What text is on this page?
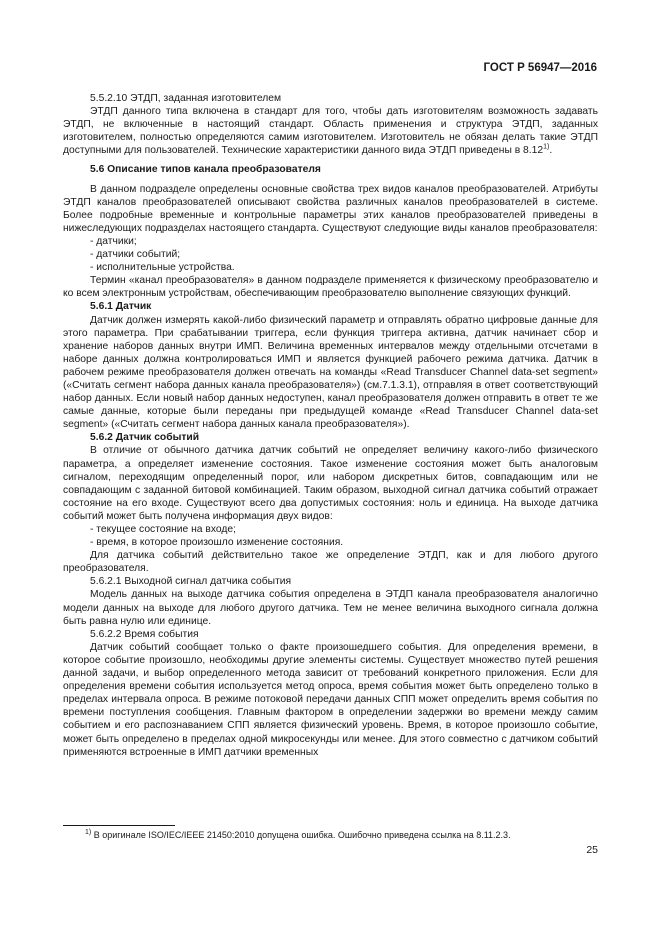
ГОСТ Р 56947—2016

5.5.2.10 ЭТДП, заданная изготовителем

ЭТДП данного типа включена в стандарт для того, чтобы дать изготовителям возможность задавать ЭТДП, не включенные в настоящий стандарт. Область применения и структура ЭТДП, заданных изготовителем, полностью определяются самим изготовителем. Изготовитель не обязан делать такие ЭТДП доступными для пользователей. Технические характеристики данного вида ЭТДП приведены в 8.12$^{1)}$.

5.6 Описание типов канала преобразователя

В данном подразделе определены основные свойства трех видов каналов преобразователей. Атрибуты ЭТДП каналов преобразователей описывают свойства различных каналов преобразователей в системе. Более подробные временные и контрольные параметры этих каналов преобразователей приведены в нижеследующих подразделах настоящего стандарта. Существуют следующие виды каналов преобразователя:

- датчики;

- датчики событий;

- исполнительные устройства.

Термин «канал преобразователя» в данном подразделе применяется к физическому преобразователю и ко всем электронным устройствам, обеспечивающим преобразователю выполнение связующих функций.

5.6.1 Датчик

Датчик должен измерять какой-либо физический параметр и отправлять обратно цифровые данные для этого параметра. При срабатывании триггера, если функция триггера активна, датчик начинает сбор и хранение наборов данных внутри ИМП. Величина временных интервалов между отдельными отсчетами в наборе данных должна контролироваться ИМП и является функцией рабочего режима датчика. Датчик в рабочем режиме преобразователя должен отвечать на команды «Read Transducer Channel data-set segment» («Считать сегмент набора данных канала преобразователя») (см.7.1.3.1), отправляя в ответ соответствующий набор данных. Если новый набор данных недоступен, канал преобразователя должен отправить в ответ те же самые данные, которые были переданы при предыдущей команде «Read Transducer Channel data-set segment» («Считать сегмент набора данных канала преобразователя»).

5.6.2 Датчик событий

В отличие от обычного датчика датчик событий не определяет величину какого-либо физического параметра, а определяет изменение состояния. Такое изменение состояния может быть аналоговым сигналом, переходящим определенный порог, или набором дискретных битов, совпадающим или не совпадающим с заданной битовой комбинацией. Таким образом, выходной сигнал датчика событий отражает состояние на его входе. Существуют всего два допустимых состояния: ноль и единица. На выходе датчика событий может быть получена информация двух видов:

- текущее состояние на входе;

- время, в которое произошло изменение состояния.

Для датчика событий действительно такое же определение ЭТДП, как и для любого другого преобразователя.

5.6.2.1 Выходной сигнал датчика события

Модель данных на выходе датчика события определена в ЭТДП канала преобразователя аналогично модели данных на выходе для любого другого датчика. Тем не менее величина выходного сигнала должна быть равна нулю или единице.

5.6.2.2 Время события

Датчик событий сообщает только о факте произошедшего события. Для определения времени, в которое событие произошло, необходимы другие элементы системы. Существует множество путей решения данной задачи, и выбор определенного метода зависит от требований конкретного приложения. Если для определения времени события используется метод опроса, время события может быть определено только в пределах интервала опроса. В режиме потоковой передачи данных СПП может определить время события по времени поступления сообщения. Главным фактором в определении задержки во времени между самим событием и его распознаванием СПП является физический уровень. Время, в которое произошло событие, может быть определено в пределах одной микросекунды или менее. Для этого совместно с датчиком событий применяются встроенные в ИМП датчики временных

$^{1)}$ В оригинале ISO/IEC/IEEE 21450:2010 допущена ошибка. Ошибочно приведена ссылка на 8.11.2.3.
25
